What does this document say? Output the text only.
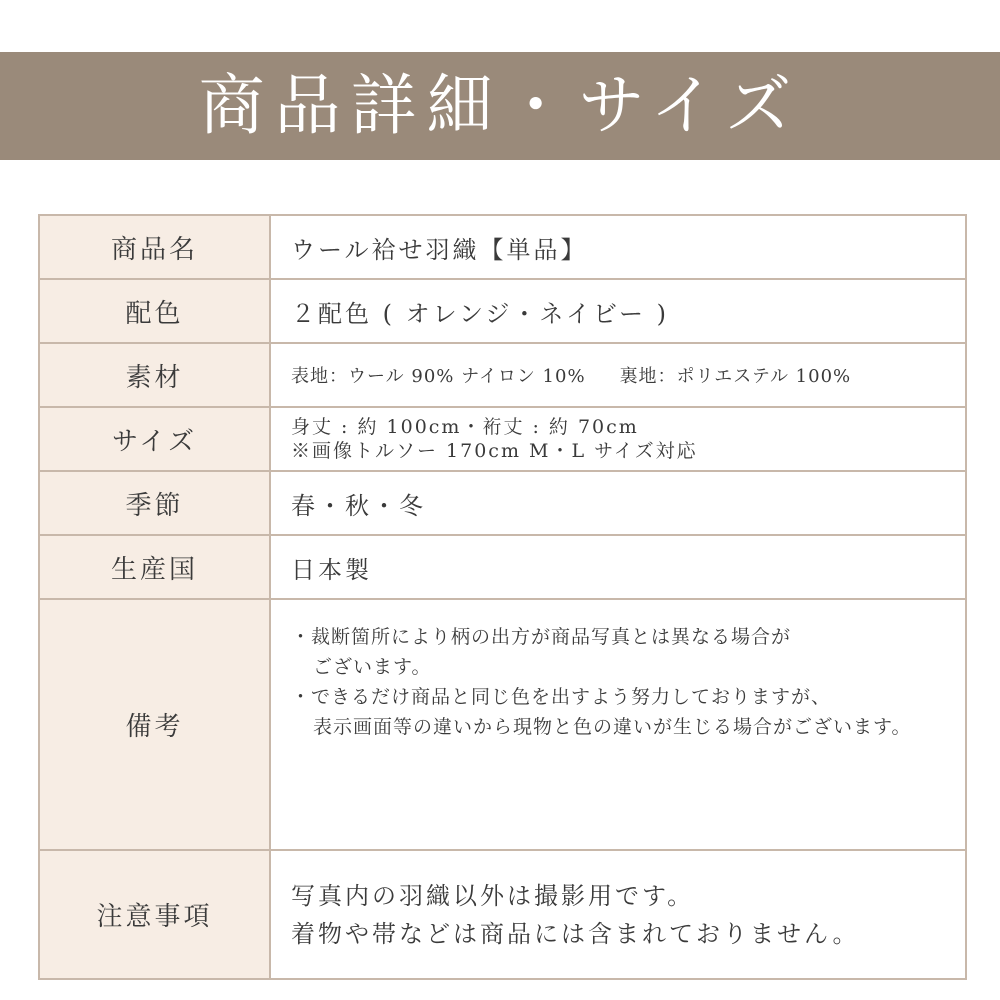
商品詳細・サイズ
商品名	ウール袷せ羽織【単品】
配色	２配色 ( オレンジ・ネイビー )
素材	表地：ウール 90% ナイロン 10% 裏地：ポリエステル 100%
サイズ	身丈 : 約 100cm・裄丈 : 約 70cm
※画像トルソー 170cm M・L サイズ対応

季節	春・秋・冬
生産国	日本製
備考	・裁断箇所により柄の出方が商品写真とは異なる場合が
ございます。
・できるだけ商品と同じ色を出すよう努力しておりますが、
表示画面等の違いから現物と色の違いが生じる場合がございます。

注意事項	写真内の羽織以外は撮影用です。
着物や帯などは商品には含まれておりません。
